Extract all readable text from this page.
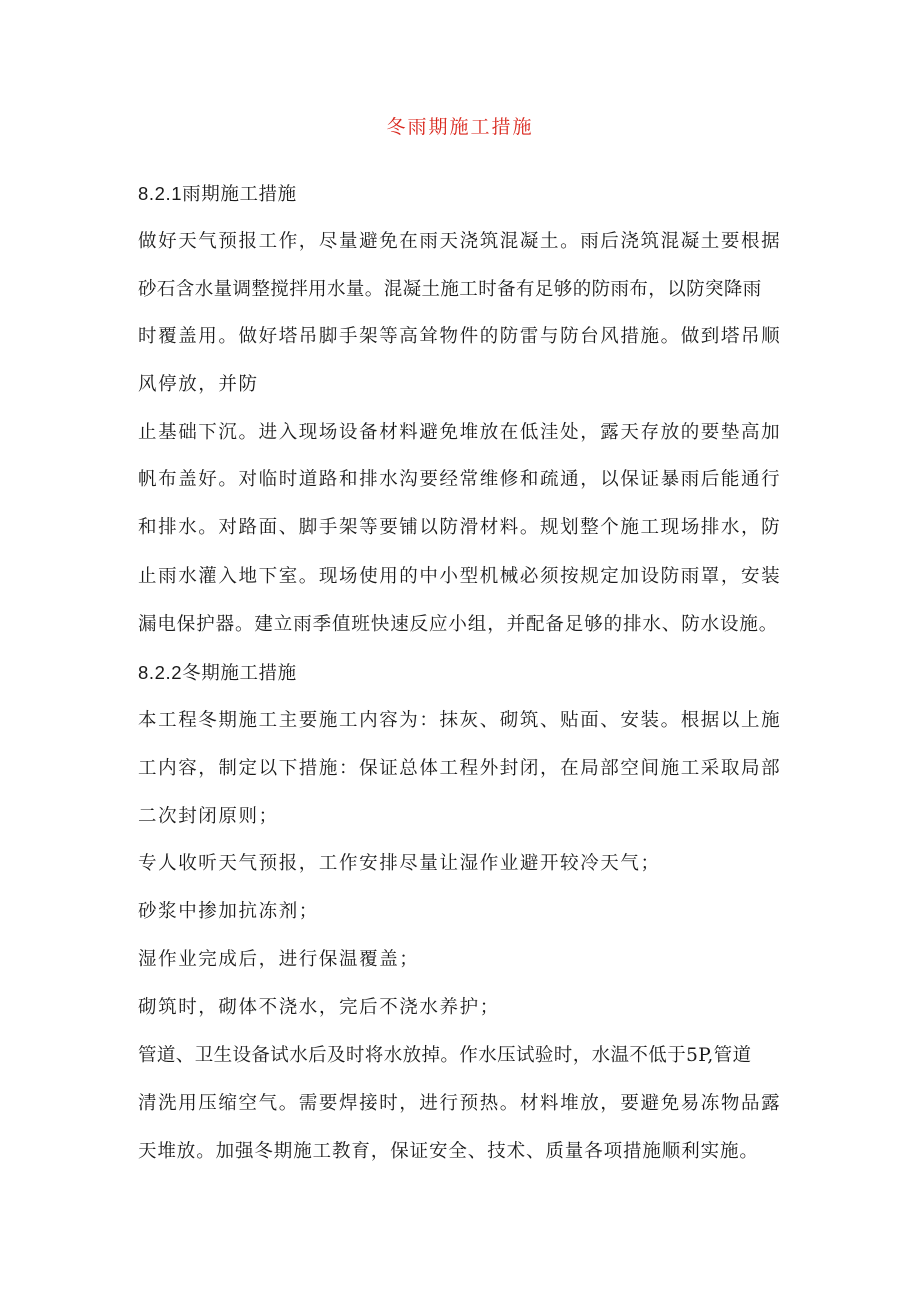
冬雨期施工措施

8.2.1雨期施工措施

做好天气预报工作，尽量避免在雨天浇筑混凝土。雨后浇筑混凝土要根据

砂石含水量调整搅拌用水量。混凝土施工时备有足够的防雨布，以防突降雨

时覆盖用。做好塔吊脚手架等高耸物件的防雷与防台风措施。做到塔吊顺

风停放，并防

止基础下沉。进入现场设备材料避免堆放在低洼处，露天存放的要垫高加

帆布盖好。对临时道路和排水沟要经常维修和疏通，以保证暴雨后能通行

和排水。对路面、脚手架等要铺以防滑材料。规划整个施工现场排水，防

止雨水灌入地下室。现场使用的中小型机械必须按规定加设防雨罩，安装

漏电保护器。建立雨季值班快速反应小组，并配备足够的排水、防水设施。

8.2.2冬期施工措施

本工程冬期施工主要施工内容为：抹灰、砌筑、贴面、安装。根据以上施

工内容，制定以下措施：保证总体工程外封闭，在局部空间施工采取局部

二次封闭原则；

专人收听天气预报，工作安排尽量让湿作业避开较冷天气；

砂浆中掺加抗冻剂；

湿作业完成后，进行保温覆盖；

砌筑时，砌体不浇水，完后不浇水养护；

管道、卫生设备试水后及时将水放掉。作水压试验时，水温不低于5P,管道

清洗用压缩空气。需要焊接时，进行预热。材料堆放，要避免易冻物品露

天堆放。加强冬期施工教育，保证安全、技术、质量各项措施顺利实施。
